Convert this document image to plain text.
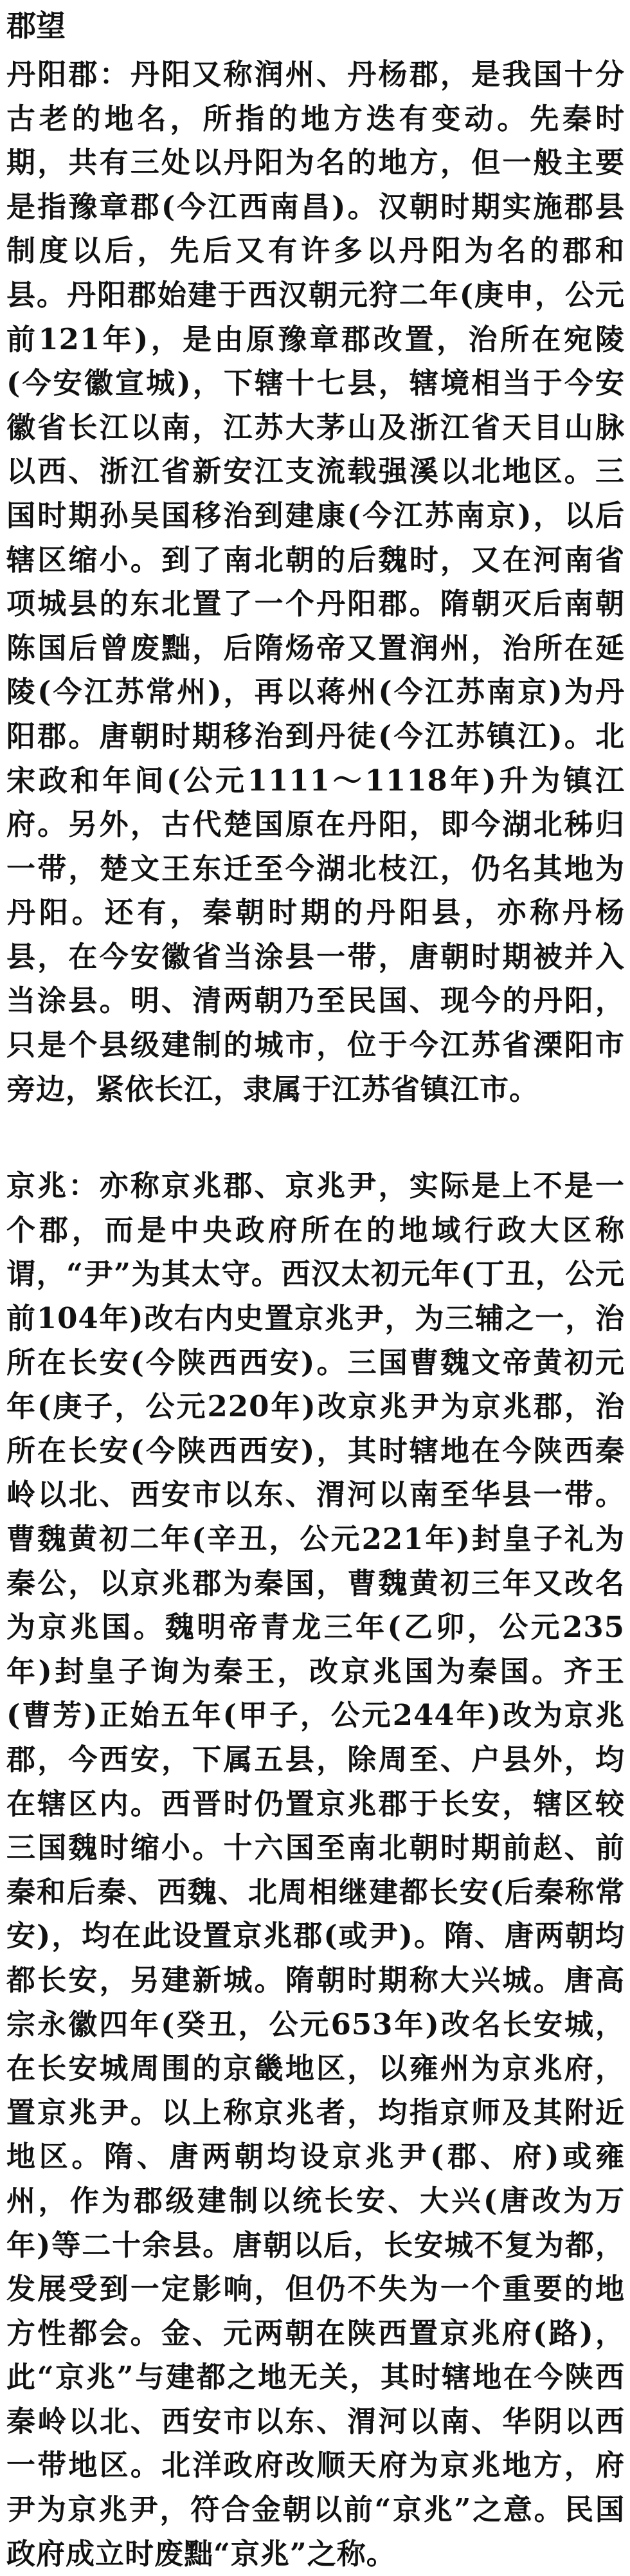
郡望

丹阳郡：丹阳又称润州、丹杨郡，是我国十分古老的地名，所指的地方迭有变动。先秦时期，共有三处以丹阳为名的地方，但一般主要是指豫章郡(今江西南昌)。汉朝时期实施郡县制度以后，先后又有许多以丹阳为名的郡和县。丹阳郡始建于西汉朝元狩二年(庚申，公元前121年)，是由原豫章郡改置，治所在宛陵(今安徽宣城)，下辖十七县，辖境相当于今安徽省长江以南，江苏大茅山及浙江省天目山脉以西、浙江省新安江支流载强溪以北地区。三国时期孙吴国移治到建康(今江苏南京)，以后辖区缩小。到了南北朝的后魏时，又在河南省项城县的东北置了一个丹阳郡。隋朝灭后南朝陈国后曾废黜，后隋炀帝又置润州，治所在延陵(今江苏常州)，再以蒋州(今江苏南京)为丹阳郡。唐朝时期移治到丹徒(今江苏镇江)。北宋政和年间(公元1111～1118年)升为镇江府。另外，古代楚国原在丹阳，即今湖北秭归一带，楚文王东迁至今湖北枝江，仍名其地为丹阳。还有，秦朝时期的丹阳县，亦称丹杨县，在今安徽省当涂县一带，唐朝时期被并入当涂县。明、清两朝乃至民国、现今的丹阳，只是个县级建制的城市，位于今江苏省溧阳市旁边，紧依长江，隶属于江苏省镇江市。

京兆：亦称京兆郡、京兆尹，实际是上不是一个郡，而是中央政府所在的地域行政大区称谓，“尹”为其太守。西汉太初元年(丁丑，公元前104年)改右内史置京兆尹，为三辅之一，治所在长安(今陕西西安)。三国曹魏文帝黄初元年(庚子，公元220年)改京兆尹为京兆郡，治所在长安(今陕西西安)，其时辖地在今陕西秦岭以北、西安市以东、渭河以南至华县一带。曹魏黄初二年(辛丑，公元221年)封皇子礼为秦公，以京兆郡为秦国，曹魏黄初三年又改名为京兆国。魏明帝青龙三年(乙卯，公元235年)封皇子询为秦王，改京兆国为秦国。齐王(曹芳)正始五年(甲子，公元244年)改为京兆郡，今西安，下属五县，除周至、户县外，均在辖区内。西晋时仍置京兆郡于长安，辖区较三国魏时缩小。十六国至南北朝时期前赵、前秦和后秦、西魏、北周相继建都长安(后秦称常安)，均在此设置京兆郡(或尹)。隋、唐两朝均都长安，另建新城。隋朝时期称大兴城。唐高宗永徽四年(癸丑，公元653年)改名长安城，在长安城周围的京畿地区，以雍州为京兆府，置京兆尹。以上称京兆者，均指京师及其附近地区。隋、唐两朝均设京兆尹(郡、府)或雍州，作为郡级建制以统长安、大兴(唐改为万年)等二十余县。唐朝以后，长安城不复为都，发展受到一定影响，但仍不失为一个重要的地方性都会。金、元两朝在陕西置京兆府(路)，此“京兆”与建都之地无关，其时辖地在今陕西秦岭以北、西安市以东、渭河以南、华阴以西一带地区。北洋政府改顺天府为京兆地方，府尹为京兆尹，符合金朝以前“京兆”之意。民国政府成立时废黜“京兆”之称。
